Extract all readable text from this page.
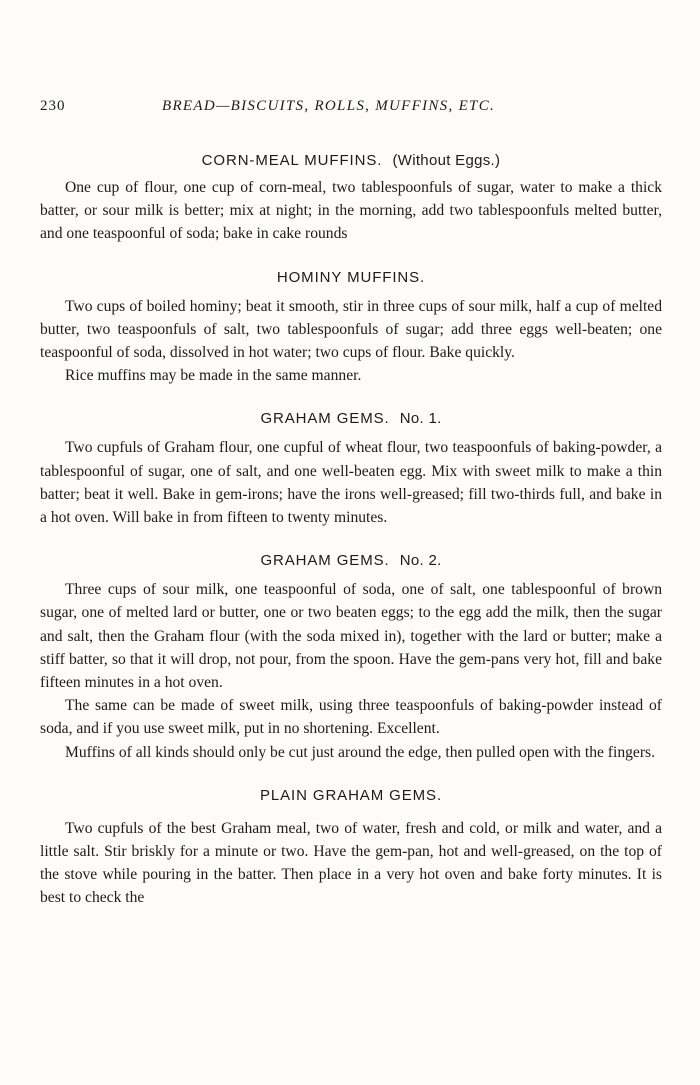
230	BREAD—BISCUITS, ROLLS, MUFFINS, ETC.
CORN-MEAL MUFFINS. (Without Eggs.)

One cup of flour, one cup of corn-meal, two tablespoonfuls of sugar, water to make a thick batter, or sour milk is better; mix at night; in the morning, add two tablespoonfuls melted butter, and one teaspoonful of soda; bake in cake rounds

HOMINY MUFFINS.

Two cups of boiled hominy; beat it smooth, stir in three cups of sour milk, half a cup of melted butter, two teaspoonfuls of salt, two tablespoonfuls of sugar; add three eggs well-beaten; one teaspoonful of soda, dissolved in hot water; two cups of flour. Bake quickly.

Rice muffins may be made in the same manner.

GRAHAM GEMS. No. 1.

Two cupfuls of Graham flour, one cupful of wheat flour, two teaspoonfuls of baking-powder, a tablespoonful of sugar, one of salt, and one well-beaten egg. Mix with sweet milk to make a thin batter; beat it well. Bake in gem-irons; have the irons well-greased; fill two-thirds full, and bake in a hot oven. Will bake in from fifteen to twenty minutes.

GRAHAM GEMS. No. 2.

Three cups of sour milk, one teaspoonful of soda, one of salt, one tablespoonful of brown sugar, one of melted lard or butter, one or two beaten eggs; to the egg add the milk, then the sugar and salt, then the Graham flour (with the soda mixed in), together with the lard or butter; make a stiff batter, so that it will drop, not pour, from the spoon. Have the gem-pans very hot, fill and bake fifteen minutes in a hot oven.

The same can be made of sweet milk, using three teaspoonfuls of baking-powder instead of soda, and if you use sweet milk, put in no shortening. Excellent.

Muffins of all kinds should only be cut just around the edge, then pulled open with the fingers.

PLAIN GRAHAM GEMS.

Two cupfuls of the best Graham meal, two of water, fresh and cold, or milk and water, and a little salt. Stir briskly for a minute or two. Have the gem-pan, hot and well-greased, on the top of the stove while pouring in the batter. Then place in a very hot oven and bake forty minutes. It is best to check the
